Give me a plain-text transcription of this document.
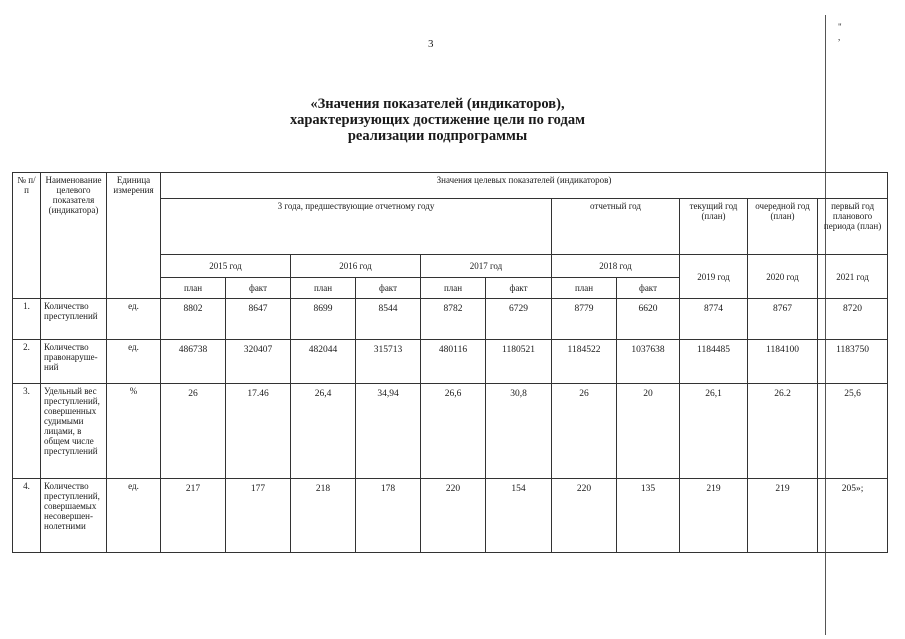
3
«Значения показателей (индикаторов),
характеризующих достижение цели по годам
реализации подпрограммы
" ,
№ п/п	Наименование целевого показателя (индикатора)	Единица измерения	Значения целевых показателей (индикаторов)										
			3 года, предшествующие отчетному году						отчетный год		текущий год (план)	очередной год (план)	первый год планового периода (план)
			2015 год		2016 год		2017 год		2018 год		2019 год	2020 год	2021 год
			план	факт	план	факт	план	факт	план	факт			
1.	Количество преступлений	ед.	8802	8647	8699	8544	8782	6729	8779	6620	8774	8767	8720
2.	Количество правонаруше-ний	ед.	486738	320407	482044	315713	480116	1180521	1184522	1037638	1184485	1184100	1183750
3.	Удельный вес преступлений, совершенных судимыми лицами, в общем числе преступлений	%	26	17.46	26,4	34,94	26,6	30,8	26	20	26,1	26.2	25,6
4.	Количество преступлений, совершаемых несовершен-нолетними	ед.	217	177	218	178	220	154	220	135	219	219	205»;
